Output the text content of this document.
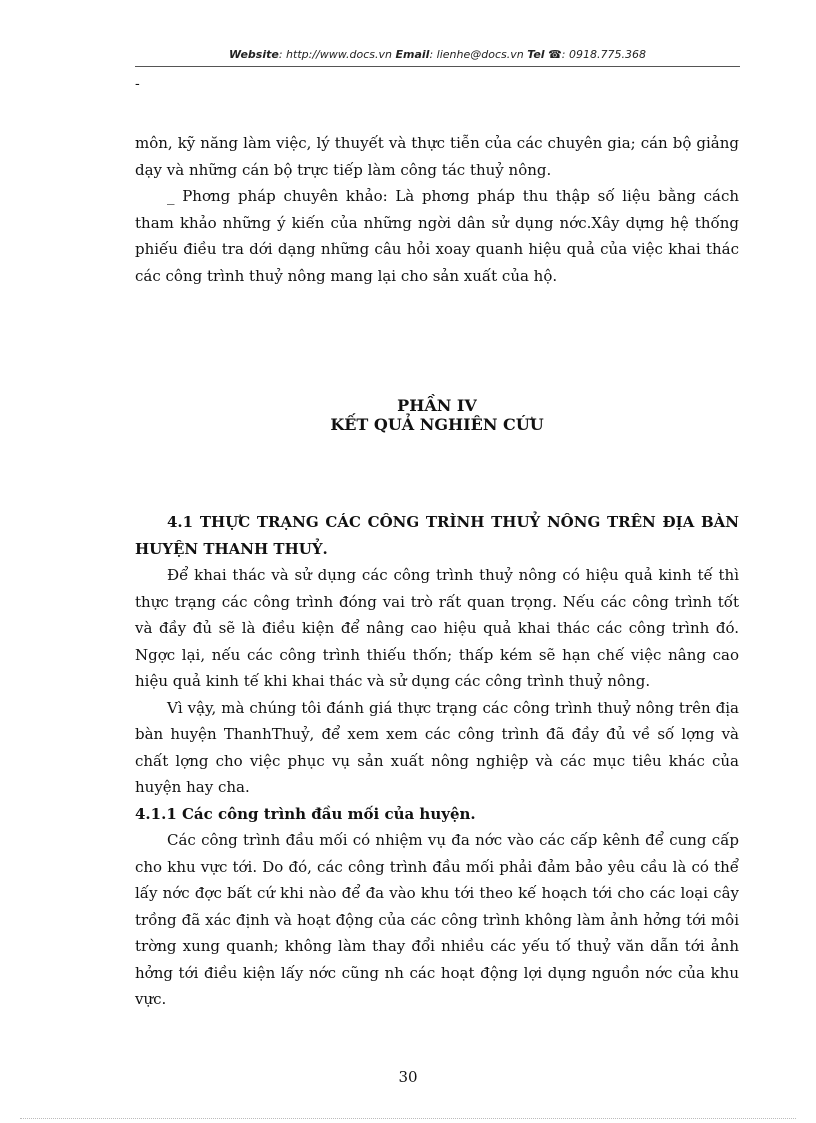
Website: http://www.docs.vn Email: lienhe@docs.vn Tel ☎: 0918.775.368
-

môn, kỹ năng làm việc, lý thuyết và thực tiễn của các chuyên gia; cán bộ giảng dạy và những cán bộ trực tiếp làm công tác thuỷ nông.

_ Phơng pháp chuyên khảo: Là phơng pháp thu thập số liệu bằng cách tham khảo những ý kiến của những ngời dân sử dụng nớc.Xây dựng hệ thống phiếu điều tra dới dạng những câu hỏi xoay quanh hiệu quả của việc khai thác các công trình thuỷ nông mang lại cho sản xuất của hộ.

PHẦN IV
KẾT QUẢ NGHIÊN CỨU

4.1 THỰC TRẠNG CÁC CÔNG TRÌNH THUỶ NÔNG TRÊN ĐỊA BÀN HUYỆN THANH THUỶ.

Để khai thác và sử dụng các công trình thuỷ nông có hiệu quả kinh tế thì thực trạng các công trình đóng vai trò rất quan trọng. Nếu các công trình tốt và đầy đủ sẽ là điều kiện để nâng cao hiệu quả khai thác các công trình đó. Ngợc lại, nếu các công trình thiếu thốn; thấp kém sẽ hạn chế việc nâng cao hiệu quả kinh tế khi khai thác và sử dụng các công trình thuỷ nông.

Vì vậy, mà chúng tôi đánh giá thực trạng các công trình thuỷ nông trên địa bàn huyện ThanhThuỷ, để xem xem các công trình đã đầy đủ về số lợng và chất lợng cho việc phục vụ sản xuất nông nghiệp và các mục tiêu khác của huyện hay cha.

4.1.1 Các công trình đầu mối của huyện.

Các công trình đầu mối có nhiệm vụ đa nớc vào các cấp kênh để cung cấp cho khu vực tới. Do đó, các công trình đầu mối phải đảm bảo yêu cầu là có thể lấy nớc đợc bất cứ khi nào để đa vào khu tới theo kế hoạch tới cho các loại cây trồng đã xác định và hoạt động của các công trình không làm ảnh hởng tới môi trờng xung quanh; không làm thay đổi nhiều các yếu tố thuỷ văn dẫn tới ảnh hởng tới điều kiện lấy nớc cũng nh các hoạt động lợi dụng nguồn nớc của khu vực.

30
